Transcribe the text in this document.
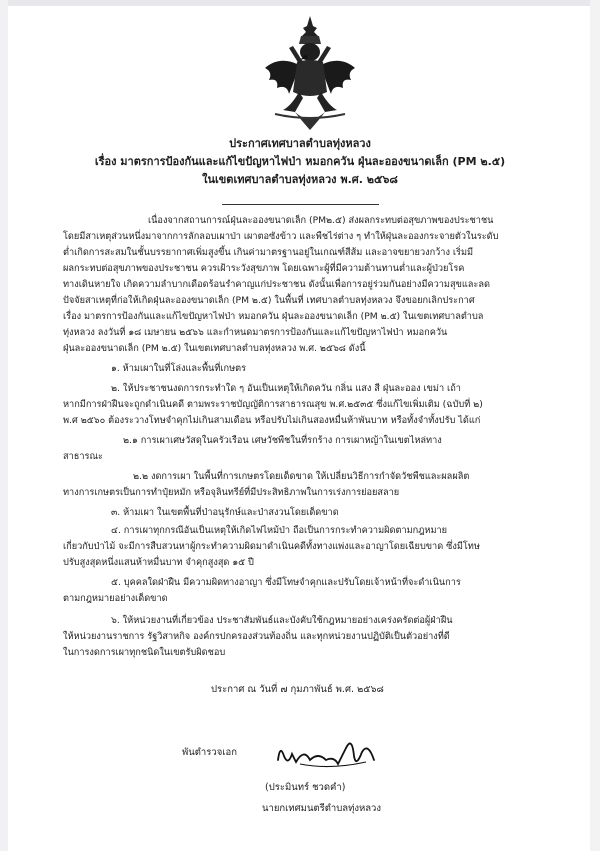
ประกาศเทศบาลตำบลทุ่งหลวง
เรื่อง มาตรการป้องกันและแก้ไขปัญหาไฟป่า หมอกควัน ฝุ่นละอองขนาดเล็ก (PM ๒.๕)
ในเขตเทศบาลตำบลทุ่งหลวง พ.ศ. ๒๕๖๘
เนื่องจากสถานการณ์ฝุ่นละอองขนาดเล็ก (PM๒.๕) ส่งผลกระทบต่อสุขภาพของประชาชน
โดยมีสาเหตุส่วนหนึ่งมาจากการลักลอบเผาป่า เผาตอซังข้าว และพืชไร่ต่าง ๆ ทำให้ฝุ่นละอองกระจายตัวในระดับ
ต่ำเกิดการสะสมในชั้นบรรยากาศเพิ่มสูงขึ้น เกินค่ามาตรฐานอยู่ในเกณฑ์สีส้ม และอาจขยายวงกว้าง เริ่มมี
ผลกระทบต่อสุขภาพของประชาชน ควรเฝ้าระวังสุขภาพ โดยเฉพาะผู้ที่มีความต้านทานต่ำและผู้ป่วยโรค
ทางเดินหายใจ เกิดความลำบากเดือดร้อนรำคาญแก่ประชาชน ดังนั้นเพื่อการอยู่ร่วมกันอย่างมีความสุขและลด
ปัจจัยสาเหตุที่ก่อให้เกิดฝุ่นละอองขนาดเล็ก (PM ๒.๕) ในพื้นที่ เทศบาลตำบลทุ่งหลวง จึงขอยกเลิกประกาศ
เรื่อง มาตรการป้องกันและแก้ไขปัญหาไฟป่า หมอกควัน ฝุ่นละอองขนาดเล็ก (PM ๒.๕) ในเขตเทศบาลตำบล
ทุ่งหลวง ลงวันที่ ๑๘ เมษายน ๒๕๖๖ และกำหนดมาตรการป้องกันและแก้ไขปัญหาไฟป่า หมอกควัน
ฝุ่นละอองขนาดเล็ก (PM ๒.๕) ในเขตเทศบาลตำบลทุ่งหลวง พ.ศ. ๒๕๖๘ ดังนี้
๑. ห้ามเผาในที่โล่งและพื้นที่เกษตร
๒. ให้ประชาชนงดการกระทำใด ๆ อันเป็นเหตุให้เกิดควัน กลิ่น แสง สี ฝุ่นละออง เขม่า เถ้า
หากมีการฝ่าฝืนจะถูกดำเนินคดี ตามพระราชบัญญัติการสาธารณสุข พ.ศ.๒๕๓๕ ซึ่งแก้ไขเพิ่มเติม (ฉบับที่ ๒)
พ.ศ ๒๕๖๐ ต้องระวางโทษจำคุกไม่เกินสามเดือน หรือปรับไม่เกินสองหมื่นห้าพันบาท หรือทั้งจำทั้งปรับ ได้แก่
๒.๑ การเผาเศษวัสดุในครัวเรือน เศษวัชพืชในที่รกร้าง การเผาหญ้าในเขตไหล่ทาง
สาธารณะ
๒.๒ งดการเผา ในพื้นที่การเกษตรโดยเด็ดขาด ให้เปลี่ยนวิธีการกำจัดวัชพืชและผลผลิต
ทางการเกษตรเป็นการทำปุ๋ยหมัก หรือจุลินทรีย์ที่มีประสิทธิภาพในการเร่งการย่อยสลาย
๓. ห้ามเผา ในเขตพื้นที่ป่าอนุรักษ์และป่าสงวนโดยเด็ดขาด
๔. การเผาทุกกรณีอันเป็นเหตุให้เกิดไฟไหม้ป่า ถือเป็นการกระทำความผิดตามกฎหมาย
เกี่ยวกับป่าไม้ จะมีการสืบสวนหาผู้กระทำความผิดมาดำเนินคดีทั้งทางแพ่งและอาญาโดยเฉียบขาด ซึ่งมีโทษ
ปรับสูงสุดหนึ่งแสนห้าหมื่นบาท จำคุกสูงสุด ๑๕ ปี
๕. บุคคลใดฝ่าฝืน มีความผิดทางอาญา ซึ่งมีโทษจำคุกและปรับโดยเจ้าหน้าที่จะดำเนินการ
ตามกฎหมายอย่างเด็ดขาด
๖. ให้หน่วยงานที่เกี่ยวข้อง ประชาสัมพันธ์และบังคับใช้กฎหมายอย่างเคร่งครัดต่อผู้ฝ่าฝืน
ให้หน่วยงานราชการ รัฐวิสาหกิจ องค์กรปกครองส่วนท้องถิ่น และทุกหน่วยงานปฏิบัติเป็นตัวอย่างที่ดี
ในการงดการเผาทุกชนิดในเขตรับผิดชอบ
ประกาศ ณ วันที่ ๗ กุมภาพันธ์ พ.ศ. ๒๕๖๘
พันตำรวจเอก
(ประมินทร์ ชวดคำ)
นายกเทศมนตรีตำบลทุ่งหลวง
